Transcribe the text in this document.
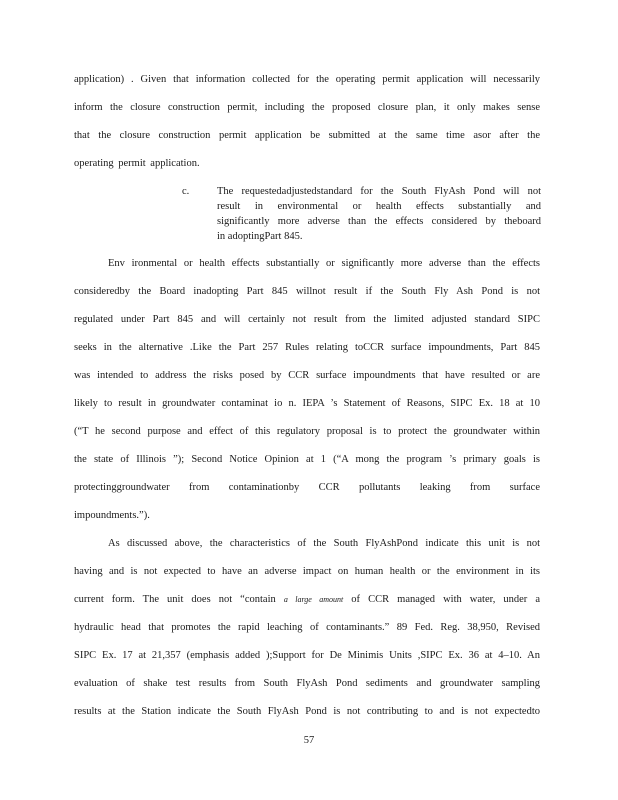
application) . Given that information collected for the operating permit application will necessarily
inform the closure construction permit, including the proposed closure plan, it only makes sense
that the closure construction permit application be submitted at the same time asor after the
operating permit application.
c.	The requestedadjustedstandard for the South FlyAsh Pond will not
result in environmental or health effects substantially and
significantly more adverse than the effects considered by theboard
in adoptingPart 845.
Env ironmental or health effects substantially or significantly more adverse than the effects
consideredby the Board inadopting Part 845 willnot result if the South Fly Ash Pond is not
regulated under Part 845 and will certainly not result from the limited adjusted standard SIPC
seeks in the alternative .Like the Part 257 Rules relating toCCR surface impoundments, Part 845
was intended to address the risks posed by CCR surface impoundments that have resulted or are
likely to result in groundwater contaminat io n. IEPA ’s Statement of Reasons, SIPC Ex. 18 at 10
(“T he second purpose and effect of this regulatory proposal is to protect the groundwater within
the state of Illinois ”); Second Notice Opinion at 1 (“A mong the program ’s primary goals is
protectinggroundwater from contaminationby CCR pollutants leaking from surface
impoundments.”).
As discussed above, the characteristics of the South FlyAshPond indicate this unit is not
having and is not expected to have an adverse impact on human health or the environment in its
current form. The unit does not “contain a large amount of CCR managed with water, under a
hydraulic head that promotes the rapid leaching of contaminants.” 89 Fed. Reg. 38,950, Revised
SIPC Ex. 17 at 21,357 (emphasis added );Support for De Minimis Units ,SIPC Ex. 36 at 4–10. An
evaluation of shake test results from South FlyAsh Pond sediments and groundwater sampling
results at the Station indicate the South FlyAsh Pond is not contributing to and is not expectedto
57
